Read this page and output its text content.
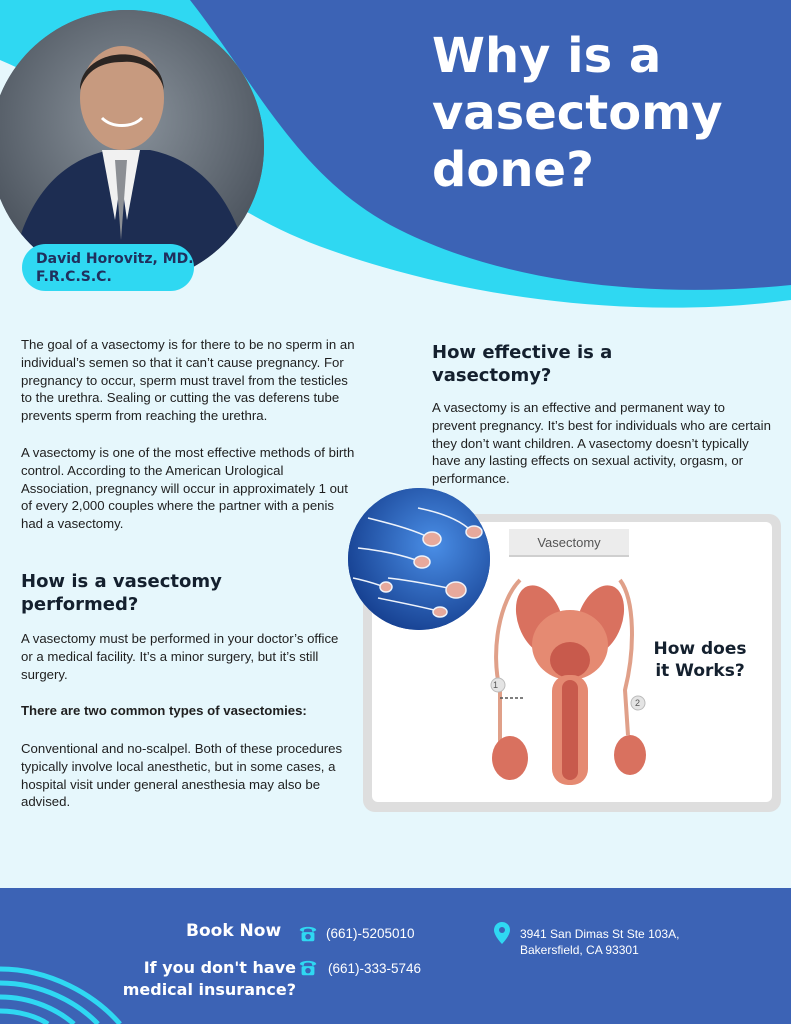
Why is a vasectomy done?
David Horovitz, MD.
F.R.C.S.C.

The goal of a vasectomy is for there to be no sperm in an individual’s semen so that it can’t cause pregnancy. For pregnancy to occur, sperm must travel from the testicles to the urethra. Sealing or cutting the vas deferens tube prevents sperm from reaching the urethra.

A vasectomy is one of the most effective methods of birth control. According to the American Urological Association, pregnancy will occur in approximately 1 out of every 2,000 couples where the partner with a penis had a vasectomy.

How is a vasectomy performed?

A vasectomy must be performed in your doctor’s office or a medical facility. It’s a minor surgery, but it’s still surgery.

There are two common types of vasectomies:

Conventional and no-scalpel. Both of these procedures typically involve local anesthetic, but in some cases, a hospital visit under general anesthesia may also be advised.

How effective is a vasectomy?

A vasectomy is an effective and permanent way to prevent pregnancy. It’s best for individuals who are certain they don’t want children. A vasectomy doesn’t typically have any lasting effects on sexual activity, orgasm, or performance.

Vasectomy
1
2
How does it Works?
Book Now	(661)-5205010
If you don't have medical insurance?
(661)-333-5746
3941 San Dimas St Ste 103A,
Bakersfield, CA 93301
